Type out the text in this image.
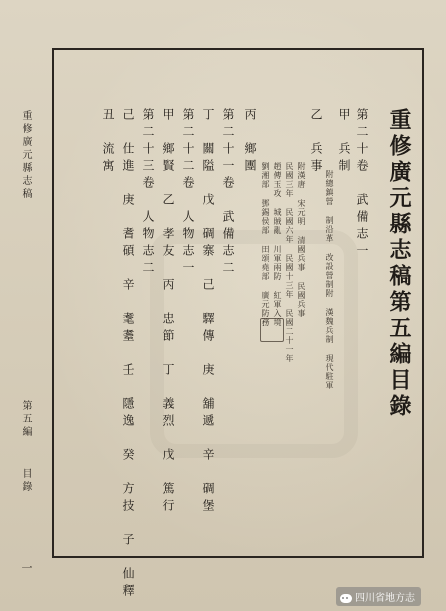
重修廣元縣志稿
第五編
目錄
一
重修廣元縣志稿第五編目錄
第二十卷　武備志一
甲　兵制
附總鎮營 制沿革 改設營制附 漢魏兵制 現代駐軍
乙　兵事
附漢唐 宋元明 清國兵事 民國兵事
民國三年 民國六年 民國十三年 民國二十一年
趙傳玉攻 城賊亂 川軍兩防 紅軍入境
劉湘部 鄧錫侯部 田頌堯部 廣元防務
丙　鄉團
第二十一卷　武備志二
丁　關隘　戊　碉寨　己　驛傳　庚　舖遞　辛　碉堡
第二十二卷　人物志一
甲　鄉賢　乙　孝友　丙　忠節　丁　義烈　戊　篤行
第二十三卷　人物志二
己　仕進　庚　耆碩　辛　耄耋　壬　隱逸　癸　方技　子　仙釋
丑　流寓
四川省地方志
